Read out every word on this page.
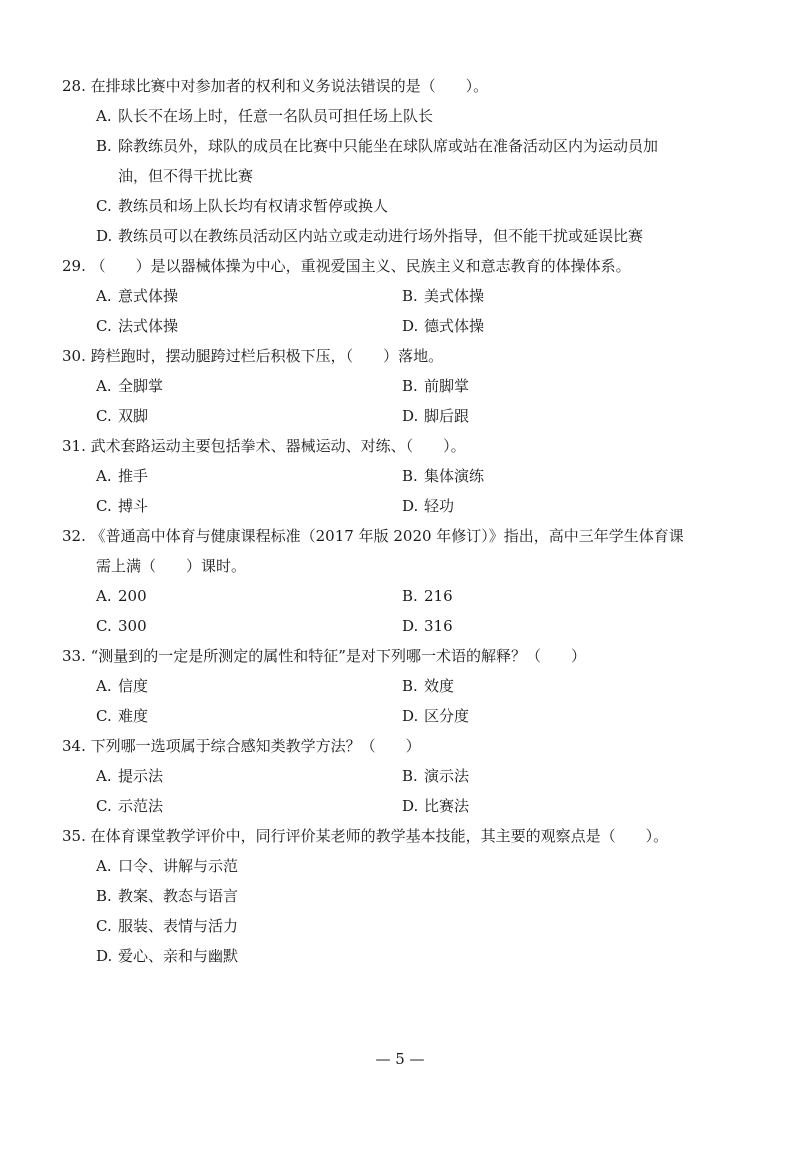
28. 在排球比赛中对参加者的权利和义务说法错误的是（　　）。
A. 队长不在场上时，任意一名队员可担任场上队长
B. 除教练员外，球队的成员在比赛中只能坐在球队席或站在准备活动区内为运动员加
油，但不得干扰比赛
C. 教练员和场上队长均有权请求暂停或换人
D. 教练员可以在教练员活动区内站立或走动进行场外指导，但不能干扰或延误比赛
29. （　　）是以器械体操为中心，重视爱国主义、民族主义和意志教育的体操体系。
A. 意式体操	B. 美式体操
C. 法式体操	D. 德式体操
30. 跨栏跑时，摆动腿跨过栏后积极下压，（　　）落地。
A. 全脚掌	B. 前脚掌
C. 双脚	D. 脚后跟
31. 武术套路运动主要包括拳术、器械运动、对练、（　　）。
A. 推手	B. 集体演练
C. 搏斗	D. 轻功
32. 《普通高中体育与健康课程标准（2017 年版 2020 年修订）》指出，高中三年学生体育课
需上满（　　）课时。
A. 200	B. 216
C. 300	D. 316
33. “测量到的一定是所测定的属性和特征”是对下列哪一术语的解释？（　　）
A. 信度	B. 效度
C. 难度	D. 区分度
34. 下列哪一选项属于综合感知类教学方法？（　　）
A. 提示法	B. 演示法
C. 示范法	D. 比赛法
35. 在体育课堂教学评价中，同行评价某老师的教学基本技能，其主要的观察点是（　　）。
A. 口令、讲解与示范
B. 教案、教态与语言
C. 服装、表情与活力
D. 爱心、亲和与幽默
— 5 —
